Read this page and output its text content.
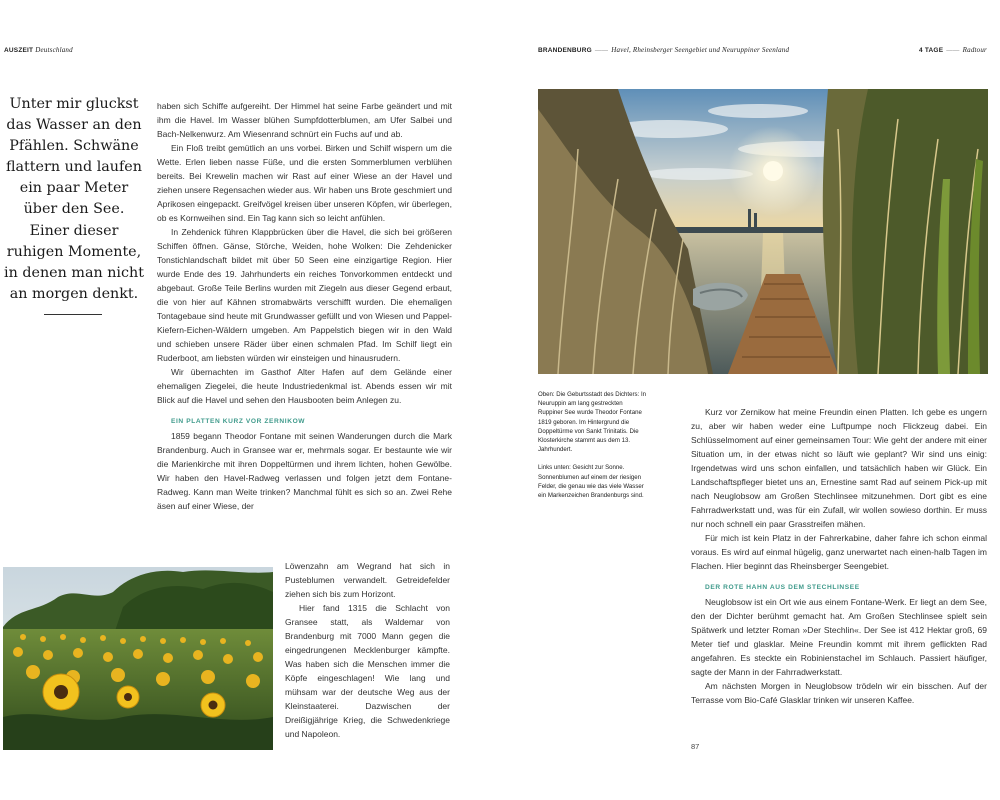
AUSZEIT Deutschland	BRANDENBURG —— Havel, Rheinsberger Seengebiet und Neuruppiner Seenland	4 TAGE —— Radtour
Unter mir gluckst das Wasser an den Pfählen. Schwäne flattern und laufen ein paar Meter über den See. Einer dieser ruhigen Momente, in denen man nicht an morgen denkt.

haben sich Schiffe aufgereiht. Der Himmel hat seine Farbe geändert und mit ihm die Havel. Im Wasser blühen Sumpfdotterblumen, am Ufer Salbei und Bach-Nelkenwurz. Am Wiesenrand schnürt ein Fuchs auf und ab.

Ein Floß treibt gemütlich an uns vorbei. Birken und Schilf wispern um die Wette. Erlen lieben nasse Füße, und die ersten Sommerblumen verblühen bereits. Bei Krewelin machen wir Rast auf einer Wiese an der Havel und ziehen unsere Regensachen wieder aus. Wir haben uns Brote geschmiert und Aprikosen eingepackt. Greifvögel kreisen über unseren Köpfen, wir überlegen, ob es Kornweihen sind. Ein Tag kann sich so leicht anfühlen.

In Zehdenick führen Klappbrücken über die Havel, die sich bei größeren Schiffen öffnen. Gänse, Störche, Weiden, hohe Wolken: Die Zehdenicker Tonstichlandschaft bildet mit über 50 Seen eine einzigartige Region. Hier wurde Ende des 19. Jahrhunderts ein reiches Tonvorkommen entdeckt und abgebaut. Große Teile Berlins wurden mit Ziegeln aus dieser Gegend erbaut, die von hier auf Kähnen stromabwärts verschifft wurden. Die ehemaligen Tontagebaue sind heute mit Grundwasser gefüllt und von Wiesen und Pappel-Kiefern-Eichen-Wäldern umgeben. Am Pappelstich biegen wir in den Wald und schieben unsere Räder über einen schmalen Pfad. Im Schilf liegt ein Ruderboot, am liebsten würden wir einsteigen und hinausrudern.

Wir übernachten im Gasthof Alter Hafen auf dem Gelände einer ehemaligen Ziegelei, die heute Industriedenkmal ist. Abends essen wir mit Blick auf die Havel und sehen den Hausbooten beim Anlegen zu.

EIN PLATTEN KURZ VOR ZERNIKOW

1859 begann Theodor Fontane mit seinen Wanderungen durch die Mark Brandenburg. Auch in Gransee war er, mehrmals sogar. Er bestaunte wie wir die Marienkirche mit ihren Doppeltürmen und ihrem lichten, hohen Gewölbe. Wir haben den Havel-Radweg verlassen und folgen jetzt dem Fontane-Radweg. Kann man Weite trinken? Manchmal fühlt es sich so an. Zwei Rehe äsen auf einer Wiese, der

Löwenzahn am Wegrand hat sich in Pusteblumen verwandelt. Getreidefelder ziehen sich bis zum Horizont.

Hier fand 1315 die Schlacht von Gransee statt, als Waldemar von Brandenburg mit 7000 Mann gegen die eingedrungenen Mecklenburger kämpfte. Was haben sich die Menschen immer die Köpfe eingeschlagen! Wie lang und mühsam war der deutsche Weg aus der Kleinstaaterei. Dazwischen der Dreißigjährige Krieg, die Schwedenkriege und Napoleon.

Oben: Die Geburtsstadt des Dichters: In Neuruppin am lang gestreckten Ruppiner See wurde Theodor Fontane 1819 geboren. Im Hintergrund die Doppeltürme von Sankt Trinitatis. Die Klosterkirche stammt aus dem 13. Jahrhundert.

Links unten: Gesicht zur Sonne. Sonnenblumen auf einem der riesigen Felder, die genau wie das viele Wasser ein Markenzeichen Brandenburgs sind.

Kurz vor Zernikow hat meine Freundin einen Platten. Ich gebe es ungern zu, aber wir haben weder eine Luftpumpe noch Flickzeug dabei. Ein Schlüsselmoment auf einer gemeinsamen Tour: Wie geht der andere mit einer Situation um, in der etwas nicht so läuft wie geplant? Wir sind uns einig: Irgendetwas wird uns schon einfallen, und tatsächlich haben wir Glück. Ein Landschaftspfleger bietet uns an, Ernestine samt Rad auf seinem Pick-up mit nach Neuglobsow am Großen Stechlinsee mitzunehmen. Dort gibt es eine Fahrradwerkstatt und, was für ein Zufall, wir wollen sowieso dorthin. Er muss nur noch schnell ein paar Grasstreifen mähen.

Für mich ist kein Platz in der Fahrerkabine, daher fahre ich schon einmal voraus. Es wird auf einmal hügelig, ganz unerwartet nach einen-halb Tagen im Flachen. Hier beginnt das Rheinsberger Seengebiet.

DER ROTE HAHN AUS DEM STECHLINSEE

Neuglobsow ist ein Ort wie aus einem Fontane-Werk. Er liegt an dem See, den der Dichter berühmt gemacht hat. Am Großen Stechlinsee spielt sein Spätwerk und letzter Roman »Der Stechlin«. Der See ist 412 Hektar groß, 69 Meter tief und glasklar. Meine Freundin kommt mit ihrem geflickten Rad angefahren. Es steckte ein Robinienstachel im Schlauch. Passiert häufiger, sagte der Mann in der Fahrradwerkstatt.

Am nächsten Morgen in Neuglobsow trödeln wir ein bisschen. Auf der Terrasse vom Bio-Café Glasklar trinken wir unseren Kaffee.

87
